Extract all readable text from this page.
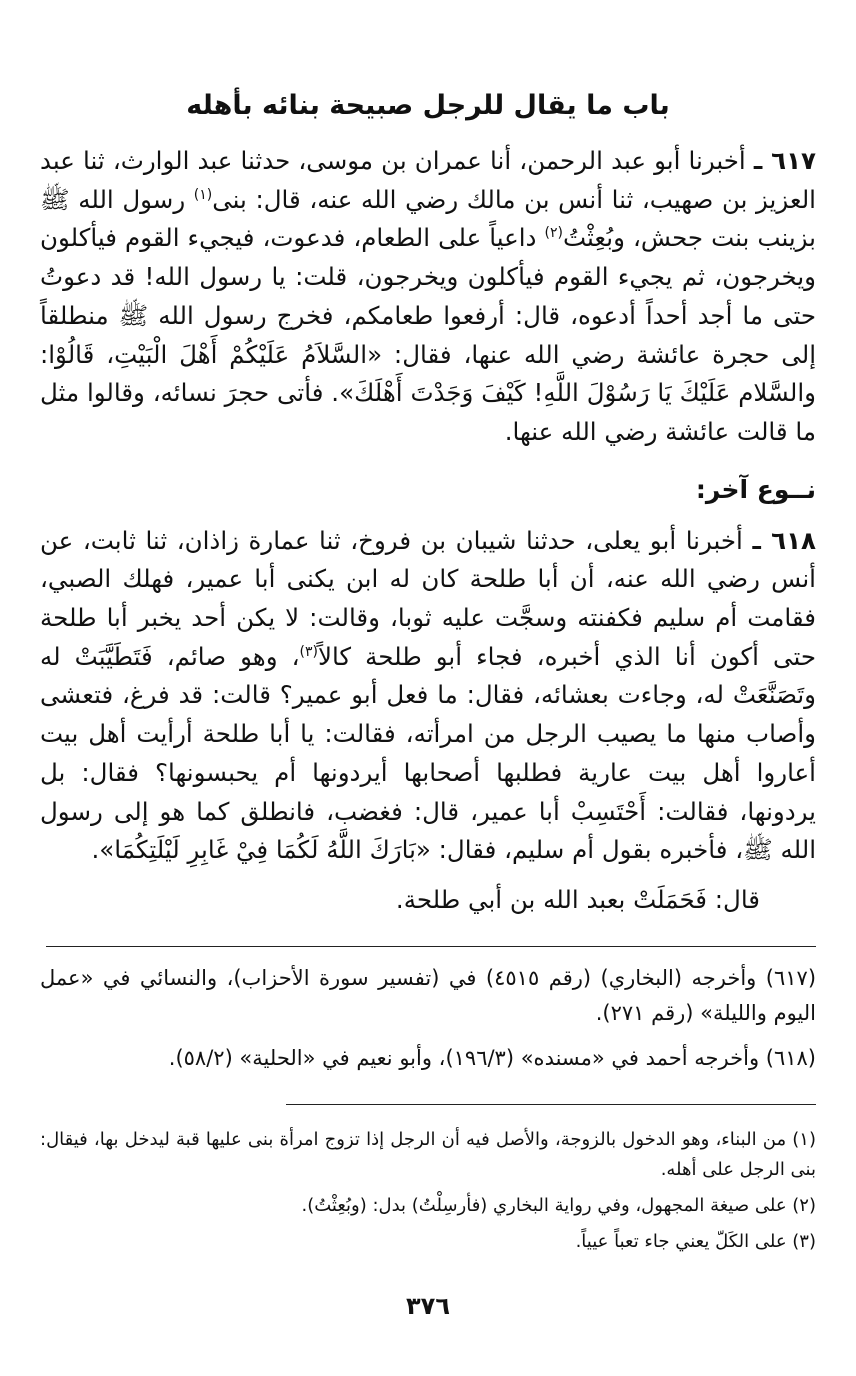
باب ما يقال للرجل صبيحة بنائه بأهله

٦١٧ ـ أخبرنا أبو عبد الرحمن، أنا عمران بن موسى، حدثنا عبد الوارث، ثنا عبد العزيز بن صهيب، ثنا أنس بن مالك رضي الله عنه، قال: بنى$^{(١)}$ رسول الله ﷺ بزينب بنت جحش، وبُعِثْتُ$^{(٢)}$ داعياً على الطعام، فدعوت، فيجيء القوم فيأكلون ويخرجون، ثم يجيء القوم فيأكلون ويخرجون، قلت: يا رسول الله! قد دعوتُ حتى ما أجد أحداً أدعوه، قال: أرفعوا طعامكم، فخرج رسول الله ﷺ منطلقاً إلى حجرة عائشة رضي الله عنها، فقال: «السَّلاَمُ عَلَيْكُمْ أَهْلَ الْبَيْتِ، قَالُوْا: والسَّلام عَلَيْكَ يَا رَسُوْلَ اللَّهِ! كَيْفَ وَجَدْتَ أَهْلَكَ». فأتى حجرَ نسائه، وقالوا مثل ما قالت عائشة رضي الله عنها.

نــوع آخر:

٦١٨ ـ أخبرنا أبو يعلى، حدثنا شيبان بن فروخ، ثنا عمارة زاذان، ثنا ثابت، عن أنس رضي الله عنه، أن أبا طلحة كان له ابن يكنى أبا عمير، فهلك الصبي، فقامت أم سليم فكفنته وسجَّت عليه ثوبا، وقالت: لا يكن أحد يخبر أبا طلحة حتى أكون أنا الذي أخبره، فجاء أبو طلحة كالاً$^{(٣)}$، وهو صائم، فَتَطَيَّبَتْ له وتَصَنَّعَتْ له، وجاءت بعشائه، فقال: ما فعل أبو عمير؟ قالت: قد فرغ، فتعشى وأصاب منها ما يصيب الرجل من امرأته، فقالت: يا أبا طلحة أرأيت أهل بيت أعاروا أهل بيت عارية فطلبها أصحابها أيردونها أم يحبسونها؟ فقال: بل يردونها، فقالت: أَحْتَسِبْ أبا عمير، قال: فغضب، فانطلق كما هو إلى رسول الله ﷺ، فأخبره بقول أم سليم، فقال: «بَارَكَ اللَّهُ لَكُمَا فِيْ غَابِرِ لَيْلَتِكُمَا».

قال: فَحَمَلَتْ بعبد الله بن أبي طلحة.

(٦١٧) وأخرجه (البخاري) (رقم ٤٥١٥) في (تفسير سورة الأحزاب)، والنسائي في «عمل اليوم والليلة» (رقم ٢٧١).

(٦١٨) وأخرجه أحمد في «مسنده» (١٩٦/٣)، وأبو نعيم في «الحلية» (٥٨/٢).

(١) من البناء، وهو الدخول بالزوجة، والأصل فيه أن الرجل إذا تزوج امرأة بنى عليها قبة ليدخل بها، فيقال: بنى الرجل على أهله.

(٢) على صيغة المجهول، وفي رواية البخاري (فأرسِلْتُ) بدل: (وبُعِثْتُ).

(٣) على الكَلّ يعني جاء تعباً عيياً.

٣٧٦
